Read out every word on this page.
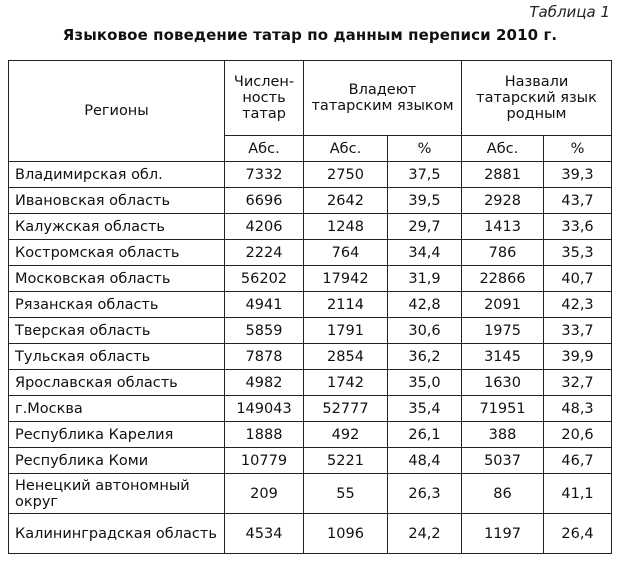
Таблица 1
Языковое поведение татар по данным переписи 2010 г.
Регионы	Числен-ность татар	Владеют татарским языком		Назвали татарский язык родным	
	Абс.	Абс.	%	Абс.	%
Владимирская обл.	7332	2750	37,5	2881	39,3
Ивановская область	6696	2642	39,5	2928	43,7
Калужская область	4206	1248	29,7	1413	33,6
Костромская область	2224	764	34,4	786	35,3
Московская область	56202	17942	31,9	22866	40,7
Рязанская область	4941	2114	42,8	2091	42,3
Тверская область	5859	1791	30,6	1975	33,7
Тульская область	7878	2854	36,2	3145	39,9
Ярославская область	4982	1742	35,0	1630	32,7
г.Москва	149043	52777	35,4	71951	48,3
Республика Карелия	1888	492	26,1	388	20,6
Республика Коми	10779	5221	48,4	5037	46,7
Ненецкий автономный округ	209	55	26,3	86	41,1
Калининградская область	4534	1096	24,2	1197	26,4
